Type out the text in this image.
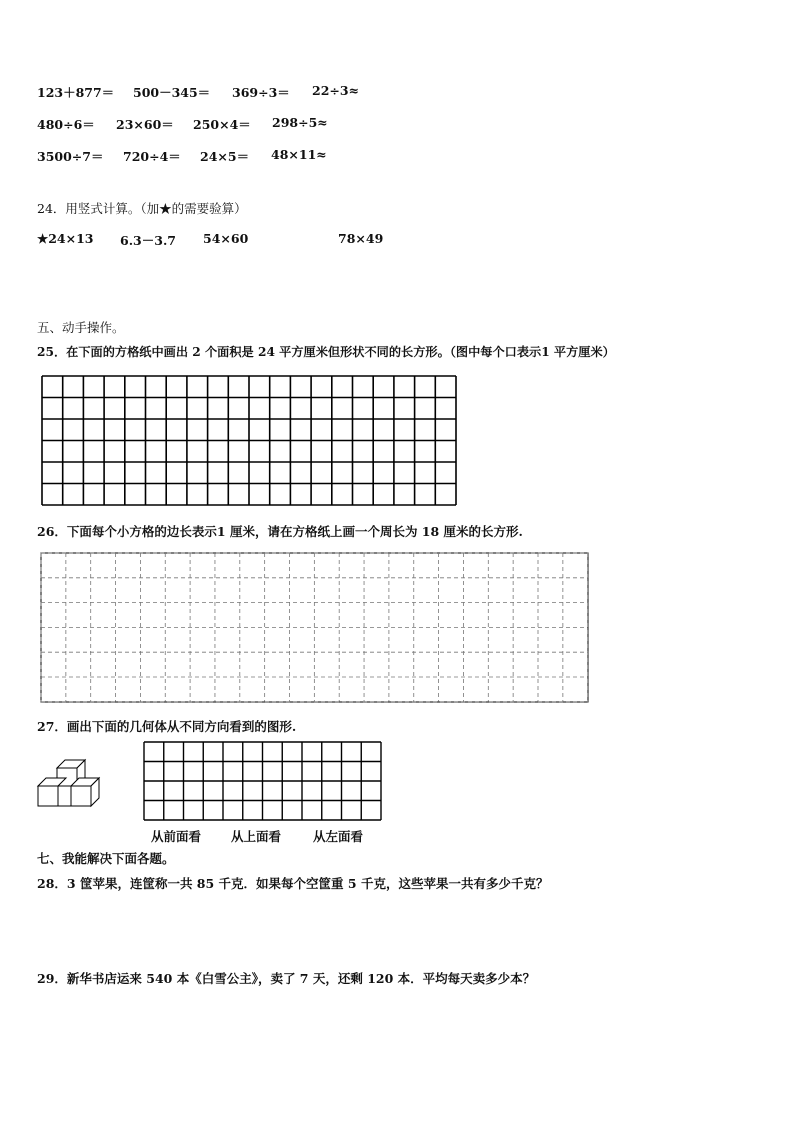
123＋877＝ 500－345＝ 369÷3＝ 22÷3≈
480÷6＝ 23×60＝ 250×4＝ 298÷5≈
3500÷7＝ 720÷4＝ 24×5＝ 48×11≈
24．用竖式计算。（加★的需要验算）
★24×13 6.3－3.7 54×60	78×49
五、动手操作。
25．在下面的方格纸中画出 2 个面积是 24 平方厘米但形状不同的长方形。（图中每个口表示1 平方厘米）
26．下面每个小方格的边长表示1 厘米，请在方格纸上画一个周长为 18 厘米的长方形.
27．画出下面的几何体从不同方向看到的图形.
从前面看 从上面看	从左面看
七、我能解决下面各题。
28．3 筐苹果，连筐称一共 85 千克．如果每个空筐重 5 千克，这些苹果一共有多少千克？
29．新华书店运来 540 本《白雪公主》，卖了 7 天，还剩 120 本．平均每天卖多少本？
